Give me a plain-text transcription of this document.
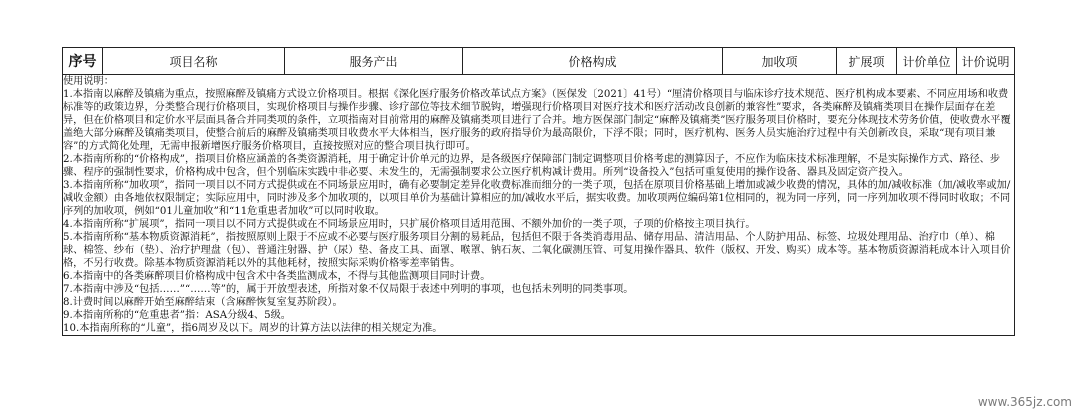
序号	项目名称	服务产出	价格构成	加收项	扩展项	计价单位	计价说明

使用说明：

1.本指南以麻醉及镇痛为重点，按照麻醉及镇痛方式设立价格项目。根据《深化医疗服务价格改革试点方案》（医保发〔2021〕41号）“厘清价格项目与临床诊疗技术规范、医疗机构成本要素、不同应用场和收费标准等的政策边界，分类整合现行价格项目，实现价格项目与操作步骤、诊疗部位等技术细节脱钩，增强现行价格项目对医疗技术和医疗活动改良创新的兼容性”要求，各类麻醉及镇痛类项目在操作层面存在差异，但在价格项目和定价水平层面具备合并同类项的条件，立项指南对目前常用的麻醉及镇痛类项目进行了合并。地方医保部门制定“麻醉及镇痛类”医疗服务项目价格时，要充分体现技术劳务价值，使收费水平覆盖绝大部分麻醉及镇痛类项目，使整合前后的麻醉及镇痛类项目收费水平大体相当，医疗服务的政府指导价为最高限价，下浮不限；同时，医疗机构、医务人员实施治疗过程中有关创新改良，采取“现有项目兼容”的方式简化处理，无需申报新增医疗服务价格项目，直接按照对应的整合项目执行即可。

2.本指南所称的“价格构成”，指项目价格应涵盖的各类资源消耗，用于确定计价单元的边界，是各级医疗保障部门制定调整项目价格考虑的测算因子，不应作为临床技术标准理解，不是实际操作方式、路径、步骤、程序的强制性要求，价格构成中包含，但个别临床实践中非必要、未发生的，无需强制要求公立医疗机构减计费用。所列“设备投入”包括可重复使用的操作设备、器具及固定资产投入。

3.本指南所称“加收项”，指同一项目以不同方式提供或在不同场景应用时，确有必要制定差异化收费标准而细分的一类子项，包括在原项目价格基础上增加或减少收费的情况，具体的加/减收标准（加/减收率或加/减收金额）由各地依权限制定；实际应用中，同时涉及多个加收项的，以项目单价为基础计算相应的加/减收水平后，据实收费。加收项两位编码第1位相同的，视为同一序列，同一序列加收项不得同时收取；不同序列的加收项，例如“01儿童加收”和“11危重患者加收”可以同时收取。

4.本指南所称“扩展项”，指同一项目以不同方式提供或在不同场景应用时，只扩展价格项目适用范围、不额外加价的一类子项，子项的价格按主项目执行。

5.本指南所称“基本物质资源消耗”，指按照原则上限于不应或不必要与医疗服务项目分割的易耗品，包括但不限于各类消毒用品、储存用品、清洁用品、个人防护用品、标签、垃圾处理用品、治疗巾（单）、棉球、棉签、纱布（垫）、治疗护理盘（包）、普通注射器、护（尿）垫、备皮工具、面罩、喉罩、钠石灰、二氧化碳测压管、可复用操作器具、软件（版权、开发、购买）成本等。基本物质资源消耗成本计入项目价格，不另行收费。除基本物质资源消耗以外的其他耗材，按照实际采购价格零差率销售。

6.本指南中的各类麻醉项目价格构成中包含术中各类监测成本，不得与其他监测项目同时计费。

7.本指南中涉及“包括……”“……等”的，属于开放型表述，所指对象不仅局限于表述中列明的事项，也包括未列明的同类事项。

8.计费时间以麻醉开始至麻醉结束（含麻醉恢复室复苏阶段）。

9.本指南所称的“危重患者”指：ASA分级4、5级。

10.本指南所称的“儿童”，指6周岁及以下。周岁的计算方法以法律的相关规定为准。

www.365jz.com
